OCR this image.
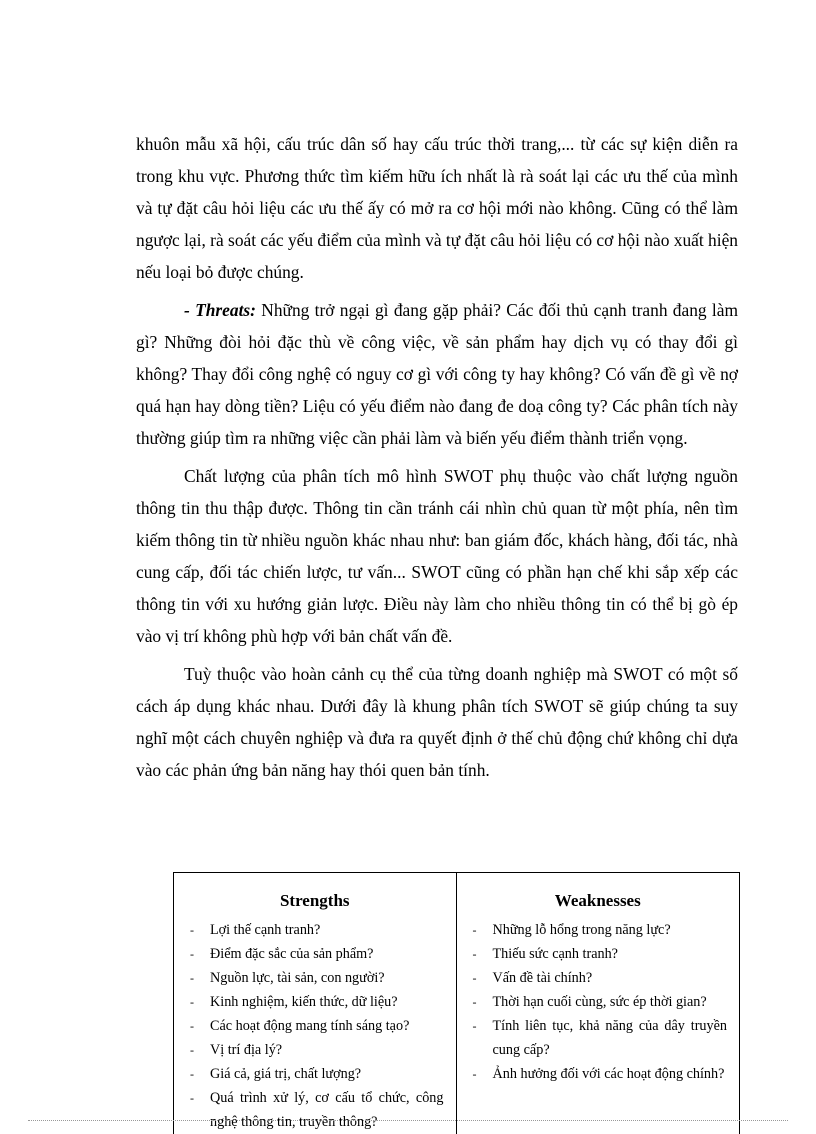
khuôn mẫu xã hội, cấu trúc dân số hay cấu trúc thời trang,... từ các sự kiện diễn ra trong khu vực. Phương thức tìm kiếm hữu ích nhất là rà soát lại các ưu thế của mình và tự đặt câu hỏi liệu các ưu thế ấy có mở ra cơ hội mới nào không. Cũng có thể làm ngược lại, rà soát các yếu điểm của mình và tự đặt câu hỏi liệu có cơ hội nào xuất hiện nếu loại bỏ được chúng.

- Threats: Những trở ngại gì đang gặp phải? Các đối thủ cạnh tranh đang làm gì? Những đòi hỏi đặc thù về công việc, về sản phẩm hay dịch vụ có thay đổi gì không? Thay đổi công nghệ có nguy cơ gì với công ty hay không? Có vấn đề gì về nợ quá hạn hay dòng tiền? Liệu có yếu điểm nào đang đe doạ công ty? Các phân tích này thường giúp tìm ra những việc cần phải làm và biến yếu điểm thành triển vọng.

Chất lượng của phân tích mô hình SWOT phụ thuộc vào chất lượng nguồn thông tin thu thập được. Thông tin cần tránh cái nhìn chủ quan từ một phía, nên tìm kiếm thông tin từ nhiều nguồn khác nhau như: ban giám đốc, khách hàng, đối tác, nhà cung cấp, đối tác chiến lược, tư vấn... SWOT cũng có phần hạn chế khi sắp xếp các thông tin với xu hướng giản lược. Điều này làm cho nhiều thông tin có thể bị gò ép vào vị trí không phù hợp với bản chất vấn đề.

Tuỳ thuộc vào hoàn cảnh cụ thể của từng doanh nghiệp mà SWOT có một số cách áp dụng khác nhau. Dưới đây là khung phân tích SWOT sẽ giúp chúng ta suy nghĩ một cách chuyên nghiệp và đưa ra quyết định ở thế chủ động chứ không chỉ dựa vào các phản ứng bản năng hay thói quen bản tính.

Strengths
- Lợi thế cạnh tranh?
- Điểm đặc sắc của sản phẩm?
- Nguồn lực, tài sản, con người?
- Kinh nghiệm, kiến thức, dữ liệu?
- Các hoạt động mang tính sáng tạo?
- Vị trí địa lý?
- Giá cả, giá trị, chất lượng?
- Quá trình xử lý, cơ cấu tổ chức, công nghệ thông tin, truyền thông?
Weaknesses
- Những lỗ hổng trong năng lực?
- Thiếu sức cạnh tranh?
- Vấn đề tài chính?
- Thời hạn cuối cùng, sức ép thời gian?
- Tính liên tục, khả năng của dây truyền cung cấp?
- Ảnh hưởng đối với các hoạt động chính?
